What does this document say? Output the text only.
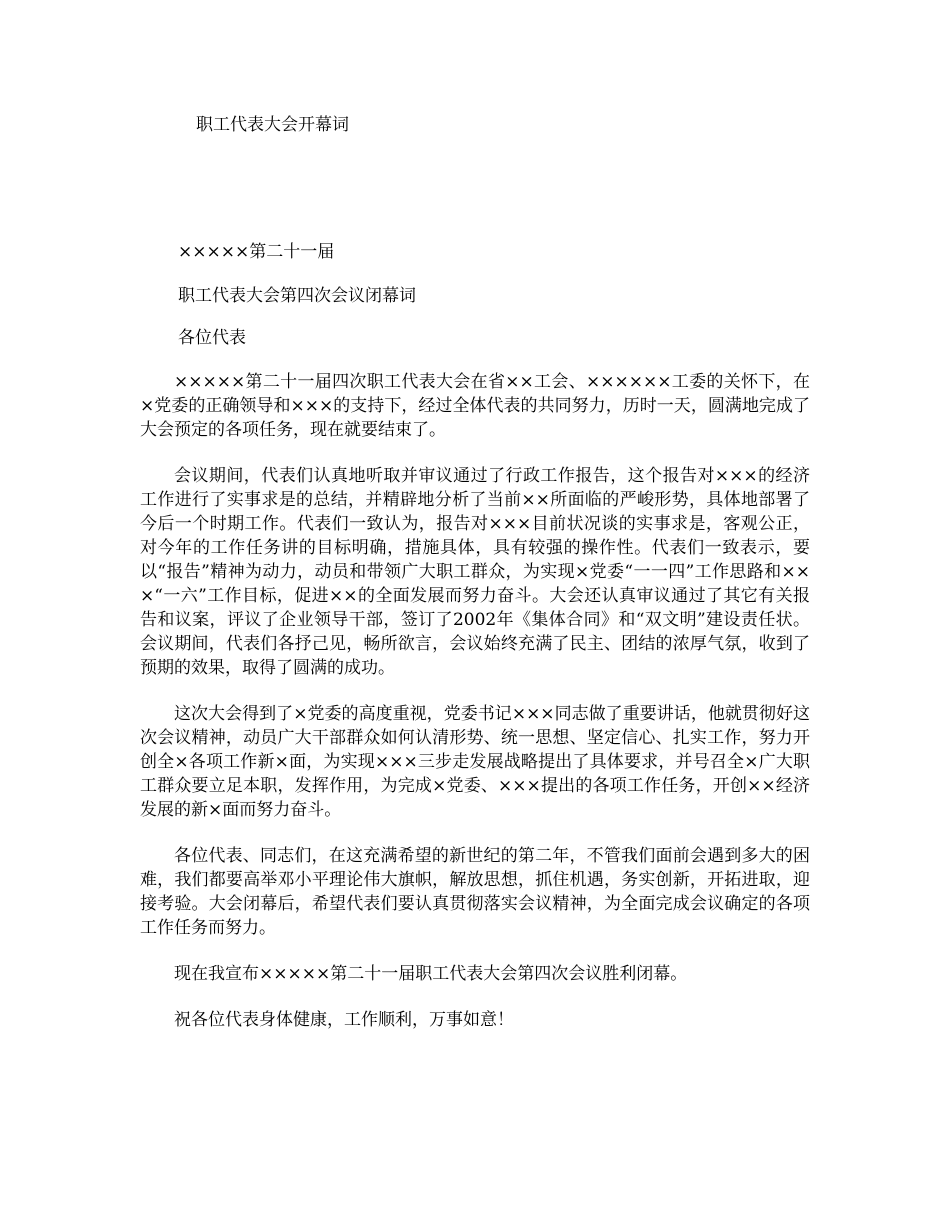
职工代表大会开幕词

×××××第二十一届

职工代表大会第四次会议闭幕词

各位代表

×××××第二十一届四次职工代表大会在省××工会、××××××工委的关怀下，在×党委的正确领导和×××的支持下，经过全体代表的共同努力，历时一天，圆满地完成了大会预定的各项任务，现在就要结束了。

会议期间，代表们认真地听取并审议通过了行政工作报告，这个报告对×××的经济工作进行了实事求是的总结，并精辟地分析了当前××所面临的严峻形势，具体地部署了今后一个时期工作。代表们一致认为，报告对×××目前状况谈的实事求是，客观公正，对今年的工作任务讲的目标明确，措施具体，具有较强的操作性。代表们一致表示，要以“报告”精神为动力，动员和带领广大职工群众，为实现×党委“一一四”工作思路和×××“一六”工作目标，促进××的全面发展而努力奋斗。大会还认真审议通过了其它有关报告和议案，评议了企业领导干部，签订了2002年《集体合同》和“双文明”建设责任状。会议期间，代表们各抒己见，畅所欲言，会议始终充满了民主、团结的浓厚气氛，收到了预期的效果，取得了圆满的成功。

这次大会得到了×党委的高度重视，党委书记×××同志做了重要讲话，他就贯彻好这次会议精神，动员广大干部群众如何认清形势、统一思想、坚定信心、扎实工作，努力开创全×各项工作新×面，为实现×××三步走发展战略提出了具体要求，并号召全×广大职工群众要立足本职，发挥作用，为完成×党委、×××提出的各项工作任务，开创××经济发展的新×面而努力奋斗。

各位代表、同志们，在这充满希望的新世纪的第二年，不管我们面前会遇到多大的困难，我们都要高举邓小平理论伟大旗帜，解放思想，抓住机遇，务实创新，开拓进取，迎接考验。大会闭幕后，希望代表们要认真贯彻落实会议精神，为全面完成会议确定的各项工作任务而努力。

现在我宣布×××××第二十一届职工代表大会第四次会议胜利闭幕。

祝各位代表身体健康，工作顺利，万事如意！
